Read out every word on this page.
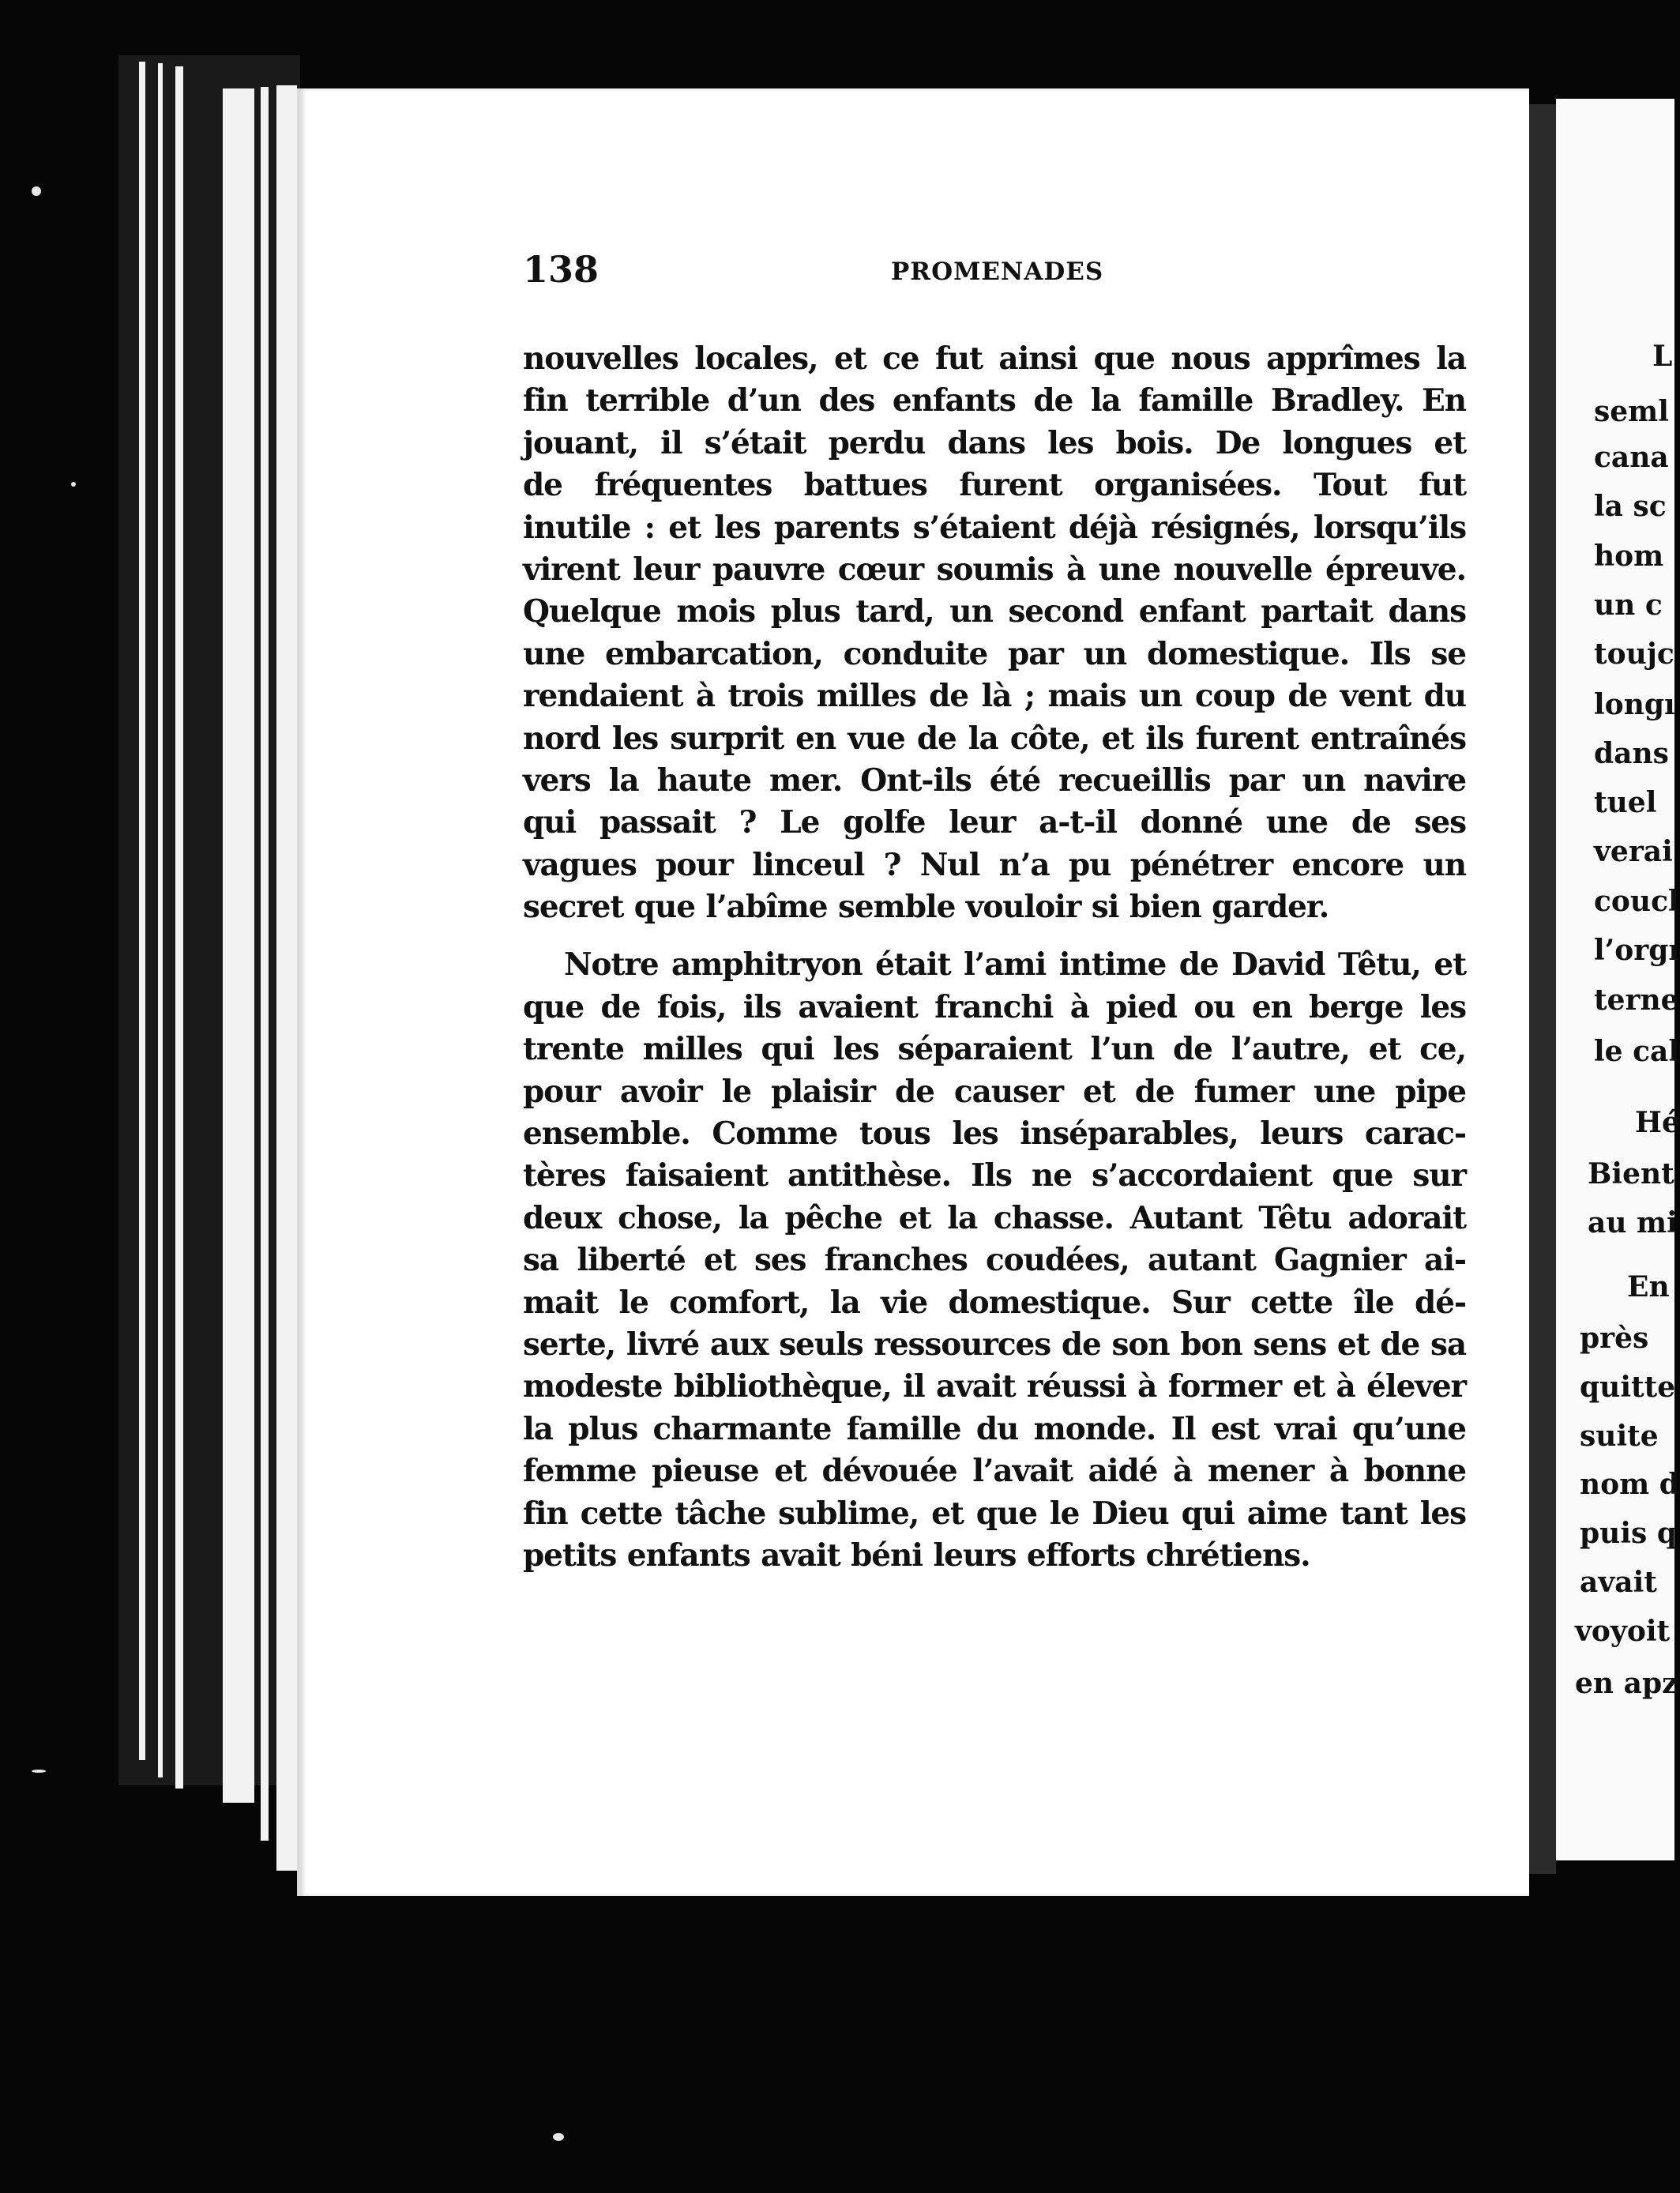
L
seml
cana
la sc
hom
un c
toujc
longı
dans
tuel
verai
coucl
l’orgı
terne
le cal
Hé
Bient
au mi
En
près
quitte
suite
nom d
puis q
avait
voyoit
en apz
138	PROMENADES
nouvelles locales, et ce fut ainsi que nous apprîmes la
fin terrible d’un des enfants de la famille Bradley. En
jouant, il s’était perdu dans les bois. De longues et
de fréquentes battues furent organisées. Tout fut
inutile : et les parents s’étaient déjà résignés, lorsqu’ils
virent leur pauvre cœur soumis à une nouvelle épreuve.
Quelque mois plus tard, un second enfant partait dans
une embarcation, conduite par un domestique. Ils se
rendaient à trois milles de là ; mais un coup de vent du
nord les surprit en vue de la côte, et ils furent entraînés
vers la haute mer. Ont-ils été recueillis par un navire
qui passait ? Le golfe leur a-t-il donné une de ses
vagues pour linceul ? Nul n’a pu pénétrer encore un
secret que l’abîme semble vouloir si bien garder.
Notre amphitryon était l’ami intime de David Têtu, et
que de fois, ils avaient franchi à pied ou en berge les
trente milles qui les séparaient l’un de l’autre, et ce,
pour avoir le plaisir de causer et de fumer une pipe
ensemble. Comme tous les inséparables, leurs carac-
tères faisaient antithèse. Ils ne s’accordaient que sur
deux chose, la pêche et la chasse. Autant Têtu adorait
sa liberté et ses franches coudées, autant Gagnier ai-
mait le comfort, la vie domestique. Sur cette île dé-
serte, livré aux seuls ressources de son bon sens et de sa
modeste bibliothèque, il avait réussi à former et à élever
la plus charmante famille du monde. Il est vrai qu’une
femme pieuse et dévouée l’avait aidé à mener à bonne
fin cette tâche sublime, et que le Dieu qui aime tant les
petits enfants avait béni leurs efforts chrétiens.
